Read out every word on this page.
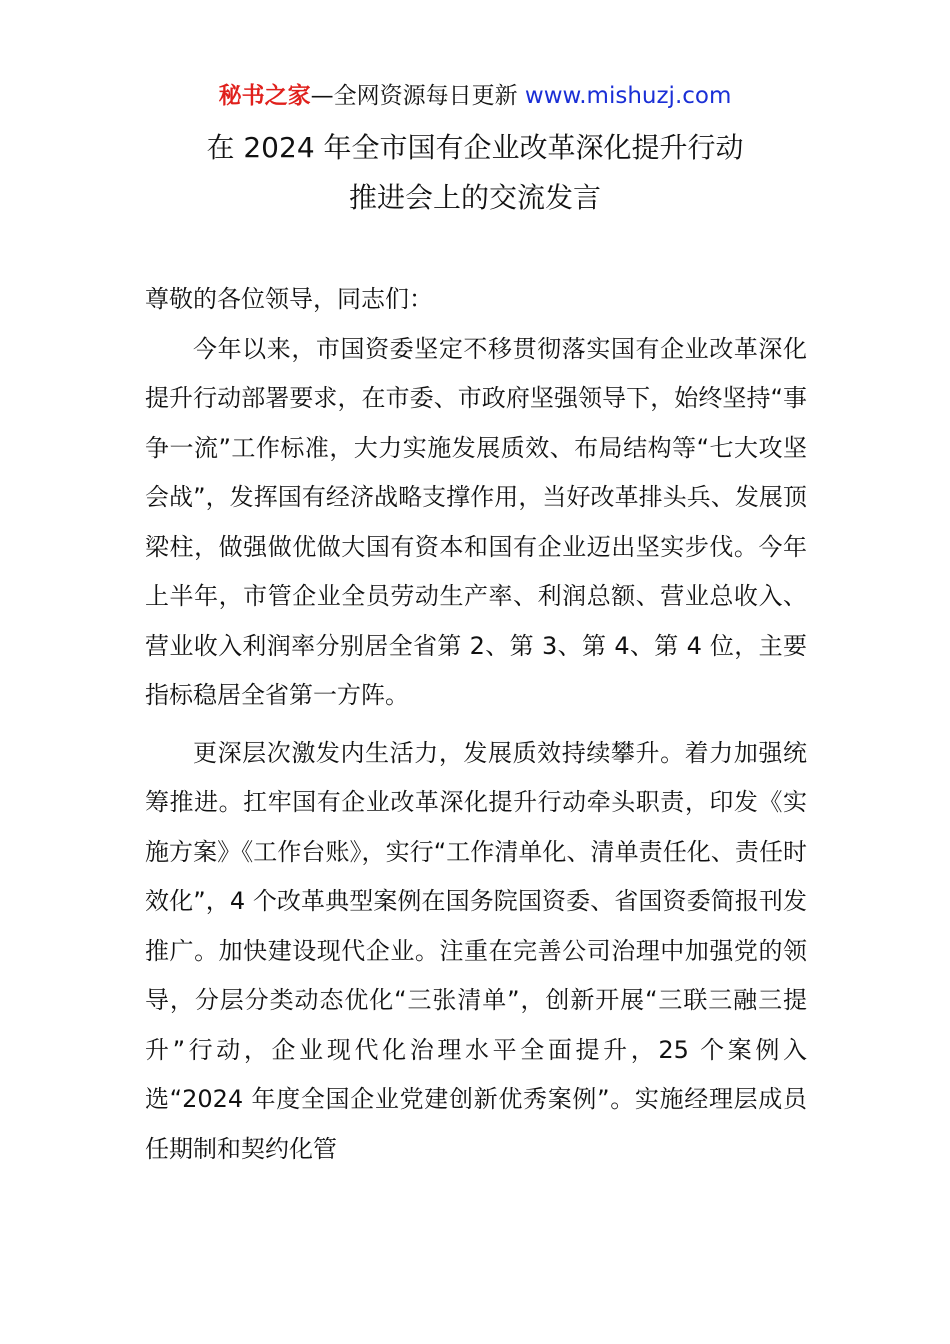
秘书之家—全网资源每日更新 www.mishuzj.com
在 2024 年全市国有企业改革深化提升行动
推进会上的交流发言

尊敬的各位领导，同志们：

今年以来，市国资委坚定不移贯彻落实国有企业改革深化提升行动部署要求，在市委、市政府坚强领导下，始终坚持“事争一流”工作标准，大力实施发展质效、布局结构等“七大攻坚会战”，发挥国有经济战略支撑作用，当好改革排头兵、发展顶梁柱，做强做优做大国有资本和国有企业迈出坚实步伐。今年上半年，市管企业全员劳动生产率、利润总额、营业总收入、营业收入利润率分别居全省第 2、第 3、第 4、第 4 位，主要指标稳居全省第一方阵。

更深层次激发内生活力，发展质效持续攀升。着力加强统筹推进。扛牢国有企业改革深化提升行动牵头职责，印发《实施方案》《工作台账》，实行“工作清单化、清单责任化、责任时效化”，4 个改革典型案例在国务院国资委、省国资委简报刊发推广。加快建设现代企业。注重在完善公司治理中加强党的领导，分层分类动态优化“三张清单”，创新开展“三联三融三提升”行动，企业现代化治理水平全面提升，25 个案例入选“2024 年度全国企业党建创新优秀案例”。实施经理层成员任期制和契约化管
